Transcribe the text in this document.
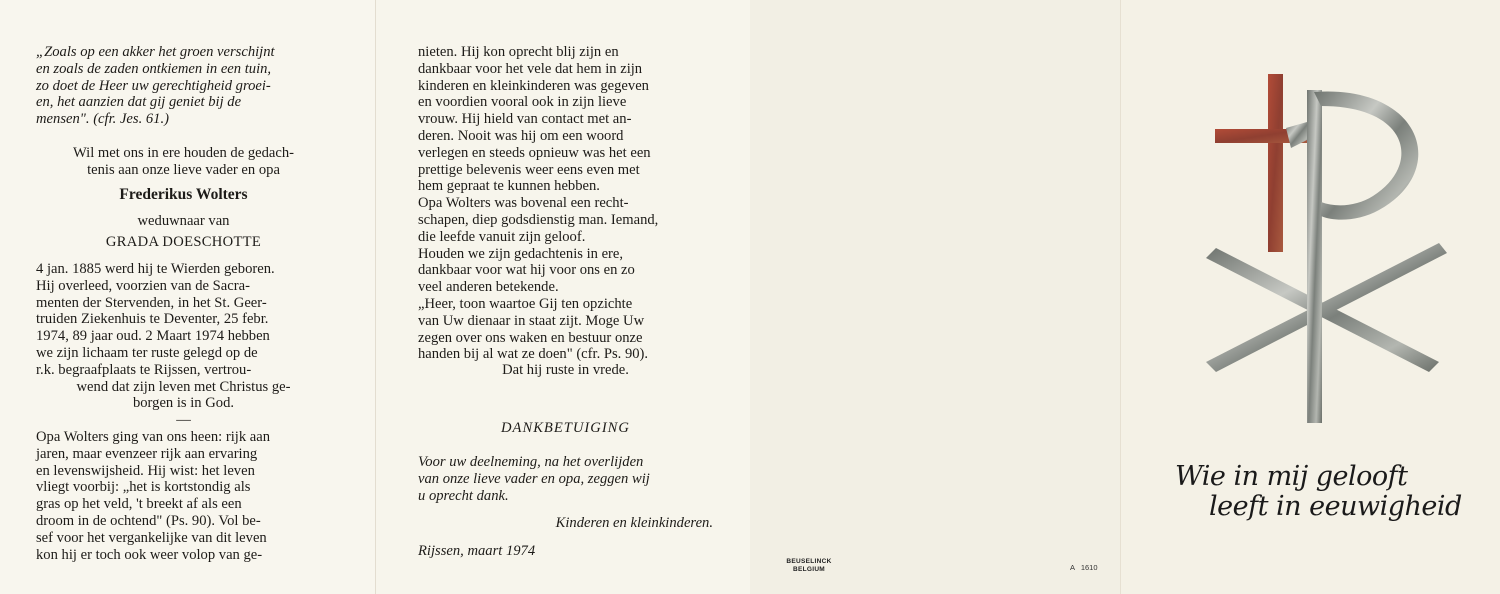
„Zoals op een akker het groen verschijnt
en zoals de zaden ontkiemen in een tuin,
zo doet de Heer uw gerechtigheid groei-
en, het aanzien dat gij geniet bij de
mensen". (cfr. Jes. 61.)
Wil met ons in ere houden de gedach-
tenis aan onze lieve vader en opa
Frederikus Wolters
weduwnaar van
GRADA DOESCHOTTE
4 jan. 1885 werd hij te Wierden geboren.
Hij overleed, voorzien van de Sacra-
menten der Stervenden, in het St. Geer-
truiden Ziekenhuis te Deventer, 25 febr.
1974, 89 jaar oud. 2 Maart 1974 hebben
we zijn lichaam ter ruste gelegd op de
r.k. begraafplaats te Rijssen, vertrou-
wend dat zijn leven met Christus ge-
borgen is in God.
—
Opa Wolters ging van ons heen: rijk aan
jaren, maar evenzeer rijk aan ervaring
en levenswijsheid. Hij wist: het leven
vliegt voorbij: „het is kortstondig als
gras op het veld, 't breekt af als een
droom in de ochtend" (Ps. 90). Vol be-
sef voor het vergankelijke van dit leven
kon hij er toch ook weer volop van ge-
nieten. Hij kon oprecht blij zijn en
dankbaar voor het vele dat hem in zijn
kinderen en kleinkinderen was gegeven
en voordien vooral ook in zijn lieve
vrouw. Hij hield van contact met an-
deren. Nooit was hij om een woord
verlegen en steeds opnieuw was het een
prettige belevenis weer eens even met
hem gepraat te kunnen hebben.
Opa Wolters was bovenal een recht-
schapen, diep godsdienstig man. Iemand,
die leefde vanuit zijn geloof.
Houden we zijn gedachtenis in ere,
dankbaar voor wat hij voor ons en zo
veel anderen betekende.
„Heer, toon waartoe Gij ten opzichte
van Uw dienaar in staat zijt. Moge Uw
zegen over ons waken en bestuur onze
handen bij al wat ze doen" (cfr. Ps. 90).
Dat hij ruste in vrede.
DANKBETUIGING
Voor uw deelneming, na het overlijden
van onze lieve vader en opa, zeggen wij
u oprecht dank.
Kinderen en kleinkinderen.
Rijssen, maart 1974
BEUSELINCK
BELGIUM	A   1610
Wie in mij gelooft
leeft in eeuwigheid
